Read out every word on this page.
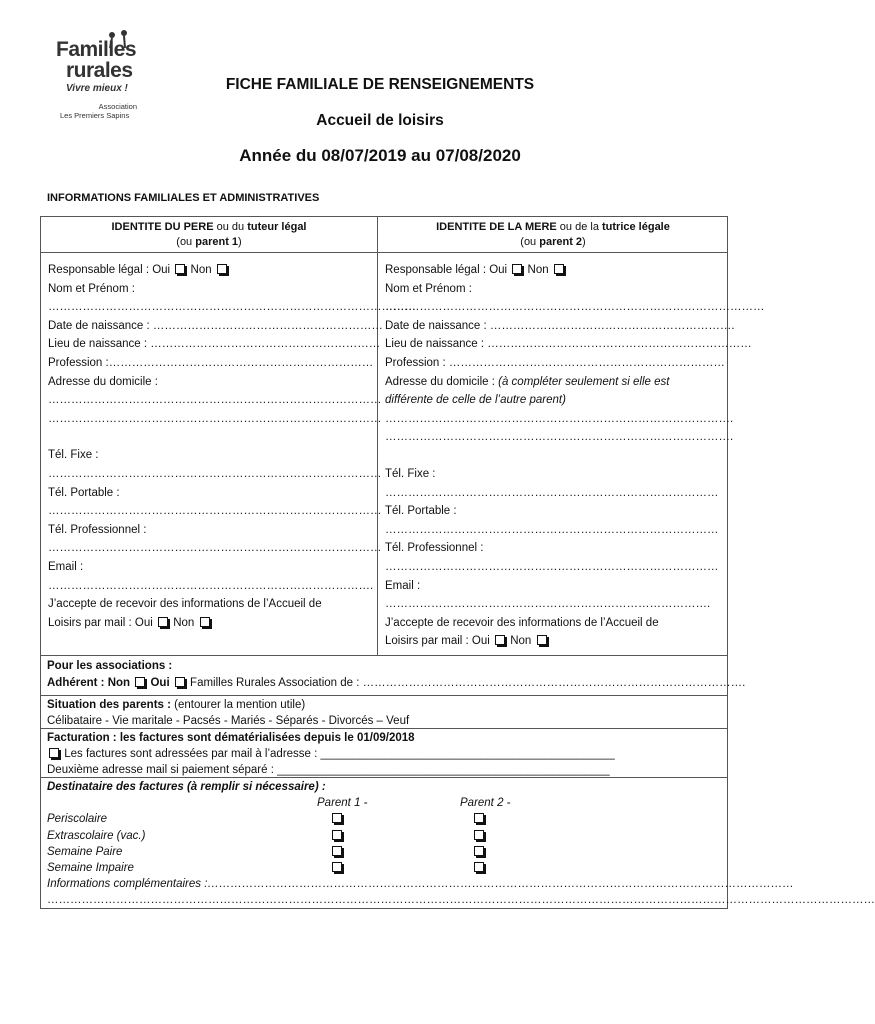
Familles
rurales
Vivre mieux !
Association
Les Premiers Sapins
FICHE FAMILIALE DE RENSEIGNEMENTS
Accueil de loisirs
Année du 08/07/2019 au 07/08/2020
INFORMATIONS FAMILIALES ET ADMINISTRATIVES
IDENTITE DU PERE ou du tuteur légal
(ou parent 1)
Responsable légal : Oui Non
Nom et Prénom :
……………………………………………………………………………………
Date de naissance : ……………………………………………………
Lieu de naissance : ……………………………………………………
Profession :……………………………………………………………
Adresse du domicile :
……………………………………………………………………………
……………………………………………………………………………
Tél. Fixe :
……………………………………………………………………………
Tél. Portable :
……………………………………………………………………………
Tél. Professionnel :
……………………………………………………………………………
Email :
………………………………………………………………………….
J’accepte de recevoir des informations de l’Accueil de
Loisirs par mail : Oui Non
IDENTITE DE LA MERE ou de la tutrice légale
(ou parent 2)
Responsable légal : Oui Non
Nom et Prénom :
………………………………………………………………………………………
Date de naissance : ……………………………………………………….
Lieu de naissance : ……………………………………………………………
Profession : ………………………………………………………………
Adresse du domicile : (à compléter seulement si elle est
différente de celle de l’autre parent)
……………………………………………………………………………….
……………………………………………………………………………….
Tél. Fixe :
……………………………………………………………………………
Tél. Portable :
……………………………………………………………………………
Tél. Professionnel :
……………………………………………………………………………
Email :
………………………………………………………………………….
J’accepte de recevoir des informations de l’Accueil de
Loisirs par mail : Oui Non
Pour les associations :
Adhérent : Non Oui Familles Rurales Association de : ……………………………………………………………………………………….
Situation des parents : (entourer la mention utile)
Célibataire - Vie maritale - Pacsés - Mariés - Séparés - Divorcés – Veuf
Facturation : les factures sont dématérialisées depuis le 01/09/2018
Les factures sont adressées par mail à l’adresse : ______________________________________________
Deuxième adresse mail si paiement séparé : ____________________________________________________
Destinataire des factures (à remplir si nécessaire) :
Parent 1 -	Parent 2 -
Periscolaire
Extrascolaire (vac.)
Semaine Paire
Semaine Impaire
Informations complémentaires :………………………………………………………………………………………………………………………………………
………………………………………………………………………………………………………………………………………………………………………………………………
